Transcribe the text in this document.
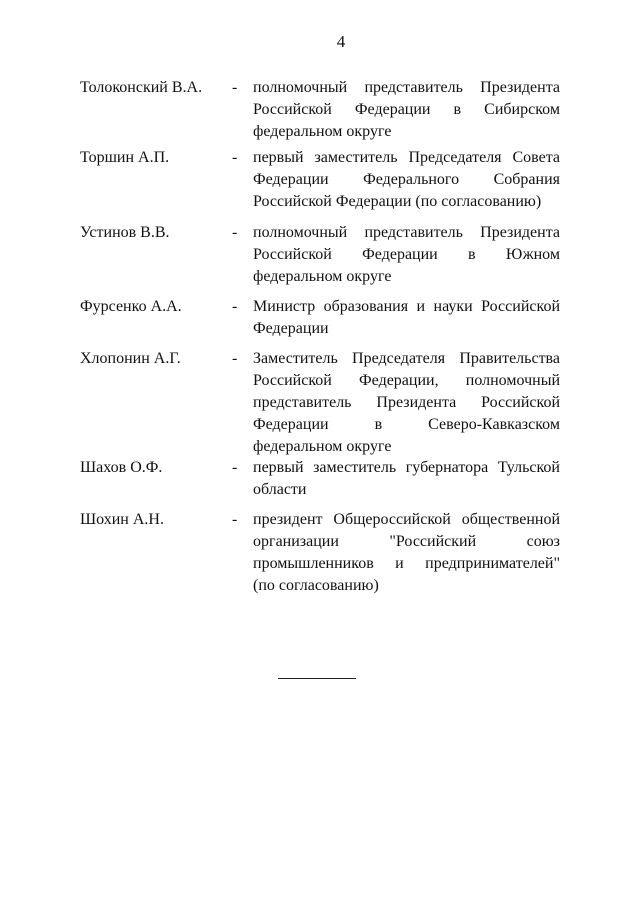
4
Толоконский В.А. - полномочный представитель Президента
Российской Федерации в Сибирском
федеральном округе
Торшин А.П.	- первый заместитель Председателя Совета
Федерации Федерального Собрания
Российской Федерации (по согласованию)
Устинов В.В.	- полномочный представитель Президента
Российской Федерации в Южном
федеральном округе
Фурсенко А.А.	- Министр образования и науки Российской
Федерации
Хлопонин А.Г.	- Заместитель Председателя Правительства
Российской Федерации, полномочный
представитель Президента Российской
Федерации в Северо-Кавказском
федеральном округе
Шахов О.Ф.	- первый заместитель губернатора Тульской
области
Шохин А.Н.	- президент Общероссийской общественной
организации "Российский союз
промышленников и предпринимателей"
(по согласованию)
